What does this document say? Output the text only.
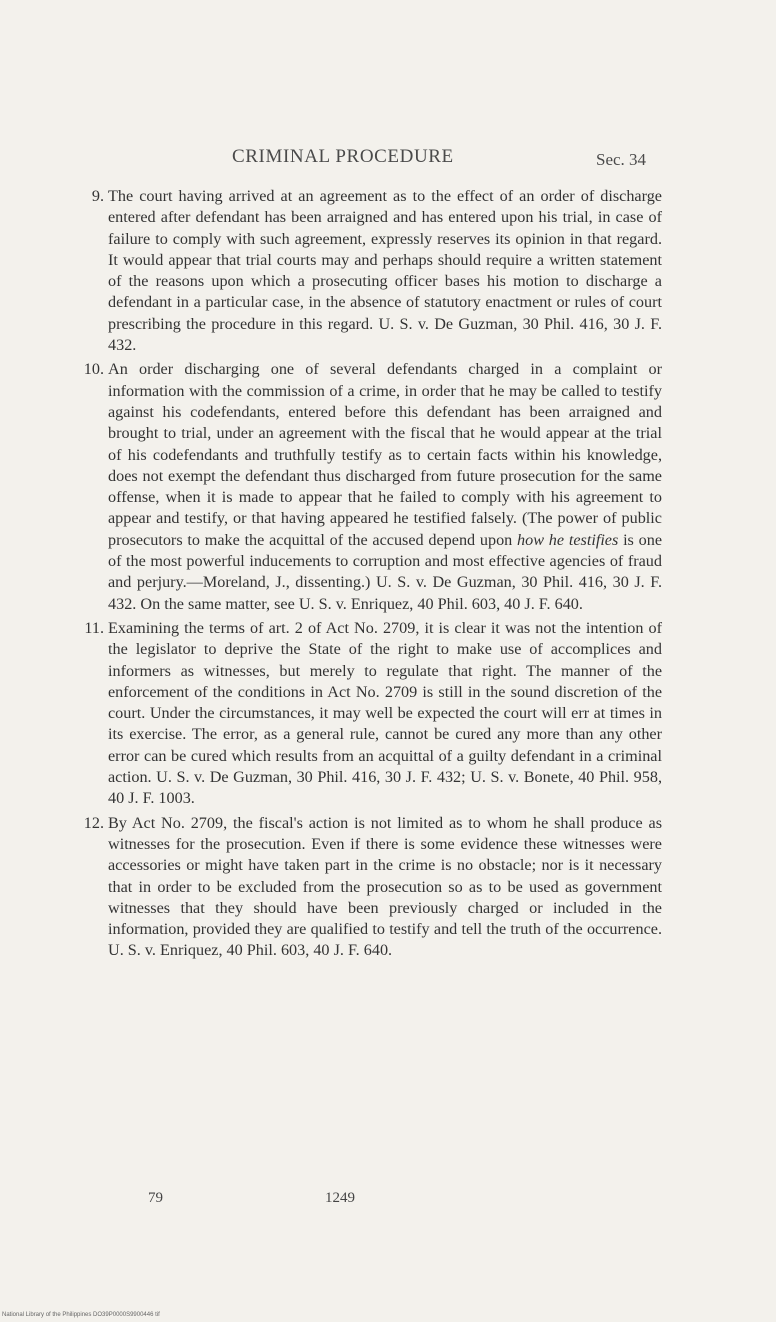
CRIMINAL PROCEDURE	Sec. 34

9. The court having arrived at an agreement as to the effect of an order of discharge entered after defendant has been arraigned and has entered upon his trial, in case of failure to comply with such agreement, expressly reserves its opinion in that regard. It would appear that trial courts may and perhaps should require a written statement of the reasons upon which a prosecuting officer bases his motion to discharge a defendant in a particular case, in the absence of statutory enactment or rules of court prescribing the procedure in this regard. U. S. v. De Guzman, 30 Phil. 416, 30 J. F. 432.

10. An order discharging one of several defendants charged in a complaint or information with the commission of a crime, in order that he may be called to testify against his codefendants, entered before this defendant has been arraigned and brought to trial, under an agreement with the fiscal that he would appear at the trial of his codefendants and truthfully testify as to certain facts within his knowledge, does not exempt the defendant thus discharged from future prosecution for the same offense, when it is made to appear that he failed to comply with his agreement to appear and testify, or that having appeared he testified falsely. (The power of public prosecutors to make the acquittal of the accused depend upon how he testifies is one of the most powerful inducements to corruption and most effective agencies of fraud and perjury.—Moreland, J., dissenting.) U. S. v. De Guzman, 30 Phil. 416, 30 J. F. 432. On the same matter, see U. S. v. Enriquez, 40 Phil. 603, 40 J. F. 640.

11. Examining the terms of art. 2 of Act No. 2709, it is clear it was not the intention of the legislator to deprive the State of the right to make use of accomplices and informers as witnesses, but merely to regulate that right. The manner of the enforcement of the conditions in Act No. 2709 is still in the sound discretion of the court. Under the circumstances, it may well be expected the court will err at times in its exercise. The error, as a general rule, cannot be cured any more than any other error can be cured which results from an acquittal of a guilty defendant in a criminal action. U. S. v. De Guzman, 30 Phil. 416, 30 J. F. 432; U. S. v. Bonete, 40 Phil. 958, 40 J. F. 1003.

12. By Act No. 2709, the fiscal's action is not limited as to whom he shall produce as witnesses for the prosecution. Even if there is some evidence these witnesses were accessories or might have taken part in the crime is no obstacle; nor is it necessary that in order to be excluded from the prosecution so as to be used as government witnesses that they should have been previously charged or included in the information, provided they are qualified to testify and tell the truth of the occurrence. U. S. v. Enriquez, 40 Phil. 603, 40 J. F. 640.

79	1249
National Library of the Philippines DO39P0000S9900446 tif
